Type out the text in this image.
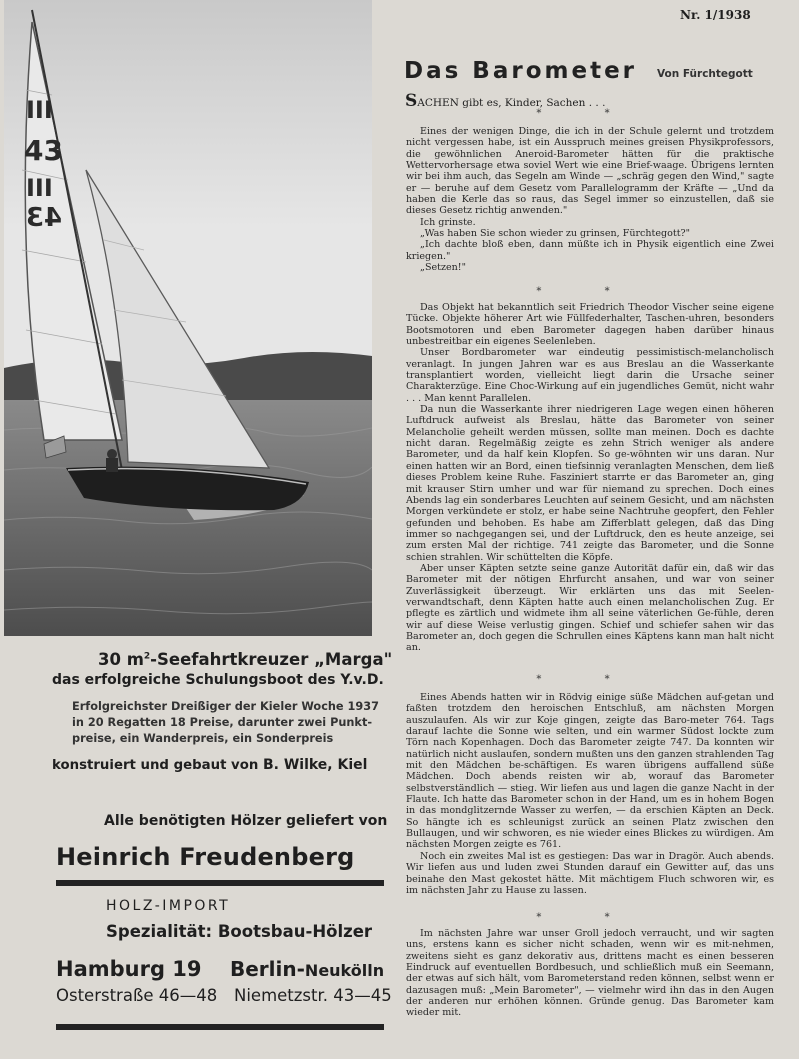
III
43
III
43
30 $m^2$-Seefahrtkreuzer „Marga"
das erfolgreiche Schulungsboot des Y.v.D.
Erfolgreichster Dreißiger der Kieler Woche 1937
in 20 Regatten 18 Preise, darunter zwei Punkt-
preise, ein Wanderpreis, ein Sonderpreis
konstruiert und gebaut von B. Wilke, Kiel
Alle benötigten Hölzer geliefert von
Heinrich Freudenberg
HOLZ-IMPORT
Spezialität: Bootsbau-Hölzer
Hamburg 19 Berlin-Neukölln
Osterstraße 46—48 Niemetzstr. 43—45
Nr. 1/1938
Das Barometer Von Fürchtegott
SACHEN gibt es, Kinder, Sachen . . .
* *

Eines der wenigen Dinge, die ich in der Schule gelernt und trotzdem nicht vergessen habe, ist ein Ausspruch meines greisen Physikprofessors, die gewöhnlichen Aneroid-Barometer hätten für die praktische Wettervorhersage etwa soviel Wert wie eine Brief-waage. Übrigens lernten wir bei ihm auch, das Segeln am Winde — „schräg gegen den Wind," sagte er — beruhe auf dem Gesetz vom Parallelogramm der Kräfte — „Und da haben die Kerle das so raus, das Segel immer so einzustellen, daß sie dieses Gesetz richtig anwenden."

Ich grinste.

„Was haben Sie schon wieder zu grinsen, Fürchtegott?"

„Ich dachte bloß eben, dann müßte ich in Physik eigentlich eine Zwei kriegen."

„Setzen!"

* *

Das Objekt hat bekanntlich seit Friedrich Theodor Vischer seine eigene Tücke. Objekte höherer Art wie Füllfederhalter, Taschen-uhren, besonders Bootsmotoren und eben Barometer dagegen haben darüber hinaus unbestreitbar ein eigenes Seelenleben.

Unser Bordbarometer war eindeutig pessimistisch-melancholisch veranlagt. In jungen Jahren war es aus Breslau an die Wasserkante transplantiert worden, vielleicht liegt darin die Ursache seiner Charakterzüge. Eine Choc-Wirkung auf ein jugendliches Gemüt, nicht wahr . . . Man kennt Parallelen.

Da nun die Wasserkante ihrer niedrigeren Lage wegen einen höheren Luftdruck aufweist als Breslau, hätte das Barometer von seiner Melancholie geheilt werden müssen, sollte man meinen. Doch es dachte nicht daran. Regelmäßig zeigte es zehn Strich weniger als andere Barometer, und da half kein Klopfen. So ge-wöhnten wir uns daran. Nur einen hatten wir an Bord, einen tiefsinnig veranlagten Menschen, dem ließ dieses Problem keine Ruhe. Fasziniert starrte er das Barometer an, ging mit krauser Stirn umher und war für niemand zu sprechen. Doch eines Abends lag ein sonderbares Leuchten auf seinem Gesicht, und am nächsten Morgen verkündete er stolz, er habe seine Nachtruhe geopfert, den Fehler gefunden und behoben. Es habe am Zifferblatt gelegen, daß das Ding immer so nachgegangen sei, und der Luftdruck, den es heute anzeige, sei zum ersten Mal der richtige. 741 zeigte das Barometer, und die Sonne schien strahlen. Wir schüttelten die Köpfe.

Aber unser Käpten setzte seine ganze Autorität dafür ein, daß wir das Barometer mit der nötigen Ehrfurcht ansahen, und war von seiner Zuverlässigkeit überzeugt. Wir erklärten uns das mit Seelen-verwandtschaft, denn Käpten hatte auch einen melancholischen Zug. Er pflegte es zärtlich und widmete ihm all seine väterlichen Ge-fühle, deren wir auf diese Weise verlustig gingen. Schief und schiefer sahen wir das Barometer an, doch gegen die Schrullen eines Käptens kann man halt nicht an.

* *

Eines Abends hatten wir in Rödvig einige süße Mädchen auf-getan und faßten trotzdem den heroischen Entschluß, am nächsten Morgen auszulaufen. Als wir zur Koje gingen, zeigte das Baro-meter 764. Tags darauf lachte die Sonne wie selten, und ein warmer Südost lockte zum Törn nach Kopenhagen. Doch das Barometer zeigte 747. Da konnten wir natürlich nicht auslaufen, sondern mußten uns den ganzen strahlenden Tag mit den Mädchen be-schäftigen. Es waren übrigens auffallend süße Mädchen. Doch abends reisten wir ab, worauf das Barometer selbstverständlich — stieg. Wir liefen aus und lagen die ganze Nacht in der Flaute. Ich hatte das Barometer schon in der Hand, um es in hohem Bogen in das mondglitzernde Wasser zu werfen, — da erschien Käpten an Deck. So hängte ich es schleunigst zurück an seinen Platz zwischen den Bullaugen, und wir schworen, es nie wieder eines Blickes zu würdigen. Am nächsten Morgen zeigte es 761.

Noch ein zweites Mal ist es gestiegen: Das war in Dragör. Auch abends. Wir liefen aus und luden zwei Stunden darauf ein Gewitter auf, das uns beinahe den Mast gekostet hätte. Mit mächtigem Fluch schworen wir, es im nächsten Jahr zu Hause zu lassen.

* *

Im nächsten Jahre war unser Groll jedoch verraucht, und wir sagten uns, erstens kann es sicher nicht schaden, wenn wir es mit-nehmen, zweitens sieht es ganz dekorativ aus, drittens macht es einen besseren Eindruck auf eventuellen Bordbesuch, und schließlich muß ein Seemann, der etwas auf sich hält, vom Barometerstand reden können, selbst wenn er dazusagen muß: „Mein Barometer", — vielmehr wird ihn das in den Augen der anderen nur erhöhen können. Gründe genug. Das Barometer kam wieder mit.
